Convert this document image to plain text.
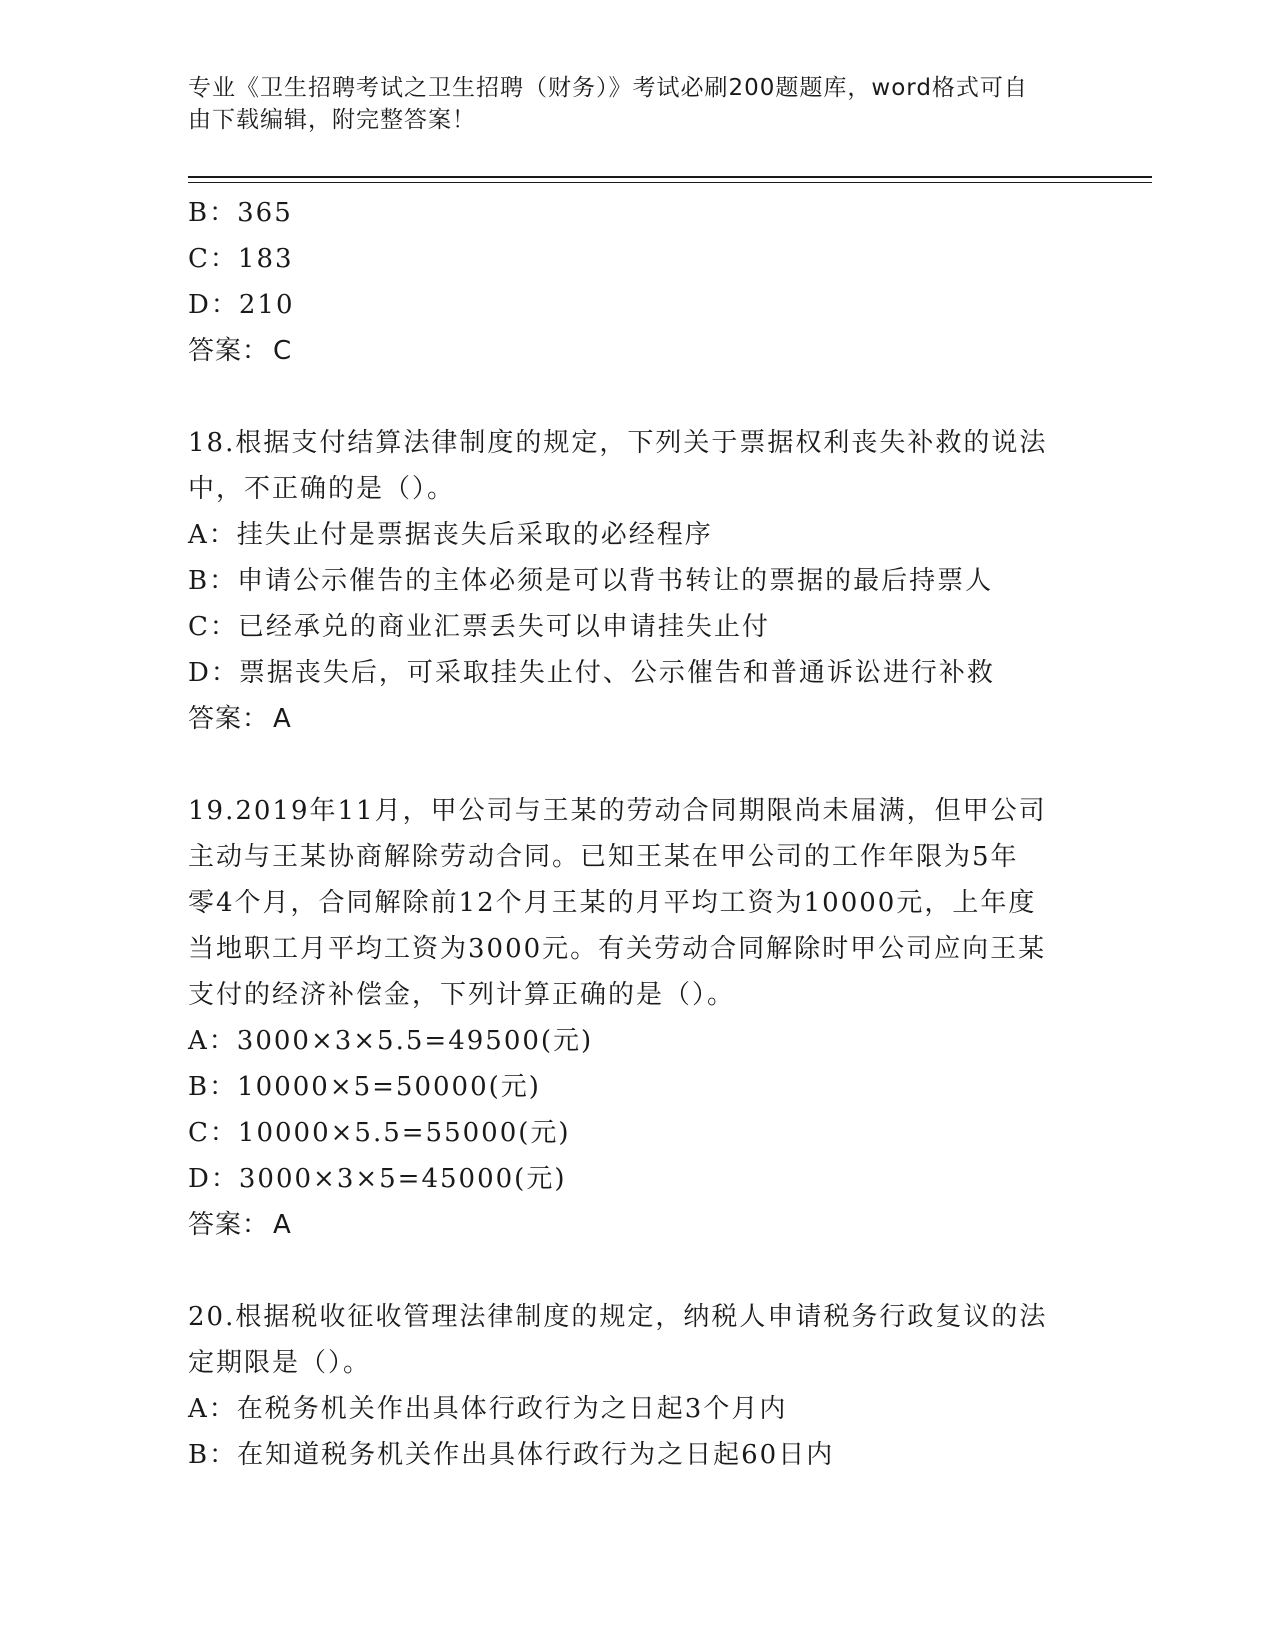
专业《卫生招聘考试之卫生招聘（财务）》考试必刷200题题库，word格式可自
由下载编辑，附完整答案！
B：365
C：183
D：210
答案： C
18.根据支付结算法律制度的规定，下列关于票据权利丧失补救的说法
中，不正确的是（）。
A：挂失止付是票据丧失后采取的必经程序
B：申请公示催告的主体必须是可以背书转让的票据的最后持票人
C：已经承兑的商业汇票丢失可以申请挂失止付
D：票据丧失后，可采取挂失止付、公示催告和普通诉讼进行补救
答案： A
19.2019年11月，甲公司与王某的劳动合同期限尚未届满，但甲公司
主动与王某协商解除劳动合同。已知王某在甲公司的工作年限为5年
零4个月，合同解除前12个月王某的月平均工资为10000元，上年度
当地职工月平均工资为3000元。有关劳动合同解除时甲公司应向王某
支付的经济补偿金，下列计算正确的是（）。
A：3000×3×5.5=49500(元)
B：10000×5=50000(元)
C：10000×5.5=55000(元)
D：3000×3×5=45000(元)
答案： A
20.根据税收征收管理法律制度的规定，纳税人申请税务行政复议的法
定期限是（）。
A：在税务机关作出具体行政行为之日起3个月内
B：在知道税务机关作出具体行政行为之日起60日内
